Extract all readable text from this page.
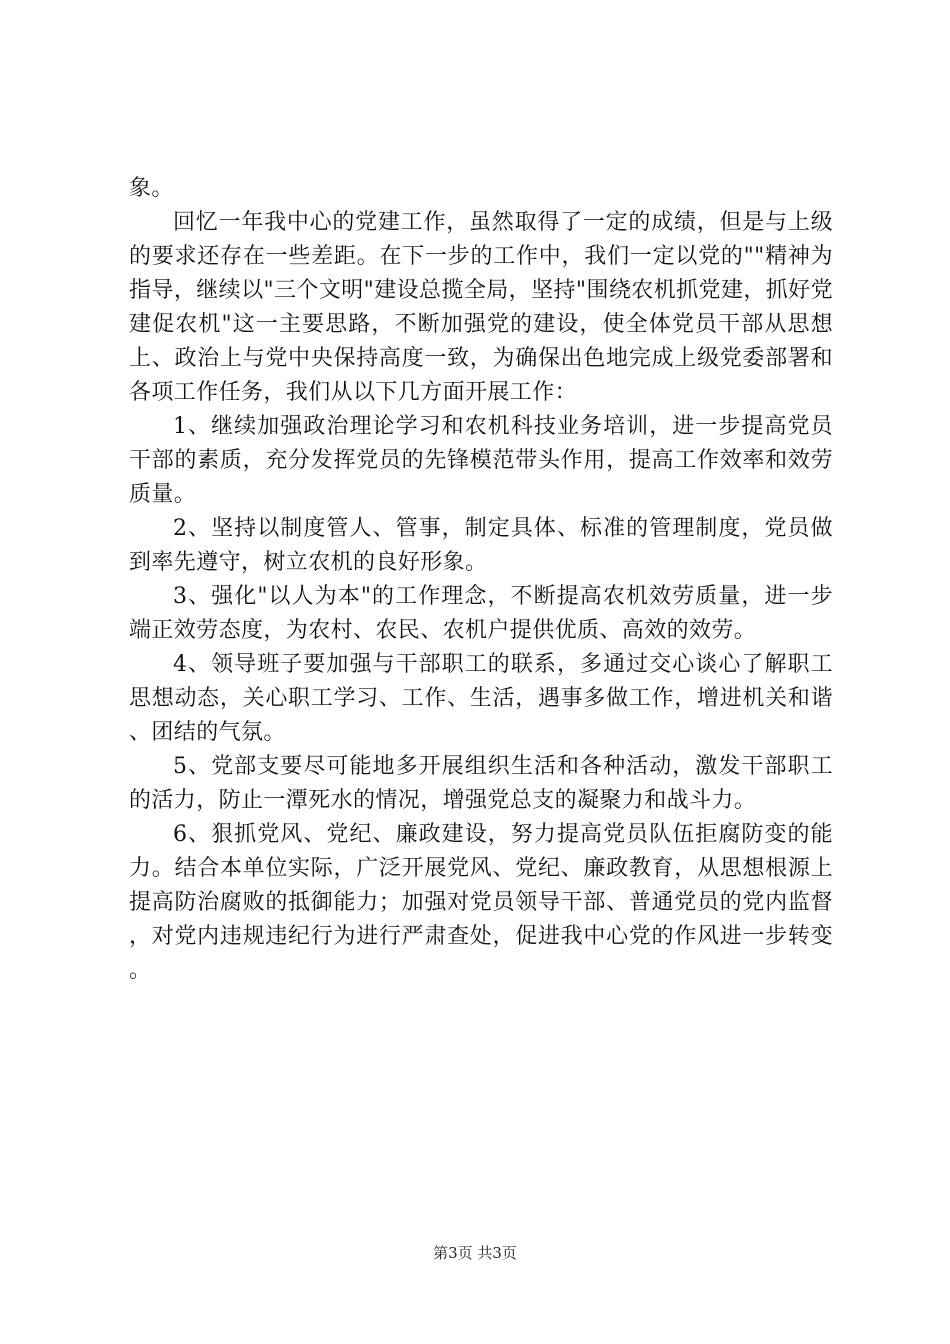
象。

回忆一年我中心的党建工作，虽然取得了一定的成绩，但是与上级的要求还存在一些差距。在下一步的工作中，我们一定以党的""精神为指导，继续以"三个文明"建设总揽全局，坚持"围绕农机抓党建，抓好党建促农机"这一主要思路，不断加强党的建设，使全体党员干部从思想上、政治上与党中央保持高度一致，为确保出色地完成上级党委部署和各项工作任务，我们从以下几方面开展工作：

1、继续加强政治理论学习和农机科技业务培训，进一步提高党员干部的素质，充分发挥党员的先锋模范带头作用，提高工作效率和效劳质量。

2、坚持以制度管人、管事，制定具体、标准的管理制度，党员做到率先遵守，树立农机的良好形象。

3、强化"以人为本"的工作理念，不断提高农机效劳质量，进一步端正效劳态度，为农村、农民、农机户提供优质、高效的效劳。

4、领导班子要加强与干部职工的联系，多通过交心谈心了解职工思想动态，关心职工学习、工作、生活，遇事多做工作，增进机关和谐、团结的气氛。

5、党部支要尽可能地多开展组织生活和各种活动，激发干部职工的活力，防止一潭死水的情况，增强党总支的凝聚力和战斗力。

6、狠抓党风、党纪、廉政建设，努力提高党员队伍拒腐防变的能力。结合本单位实际，广泛开展党风、党纪、廉政教育，从思想根源上提高防治腐败的抵御能力；加强对党员领导干部、普通党员的党内监督，对党内违规违纪行为进行严肃查处，促进我中心党的作风进一步转变。

第3页 共3页
